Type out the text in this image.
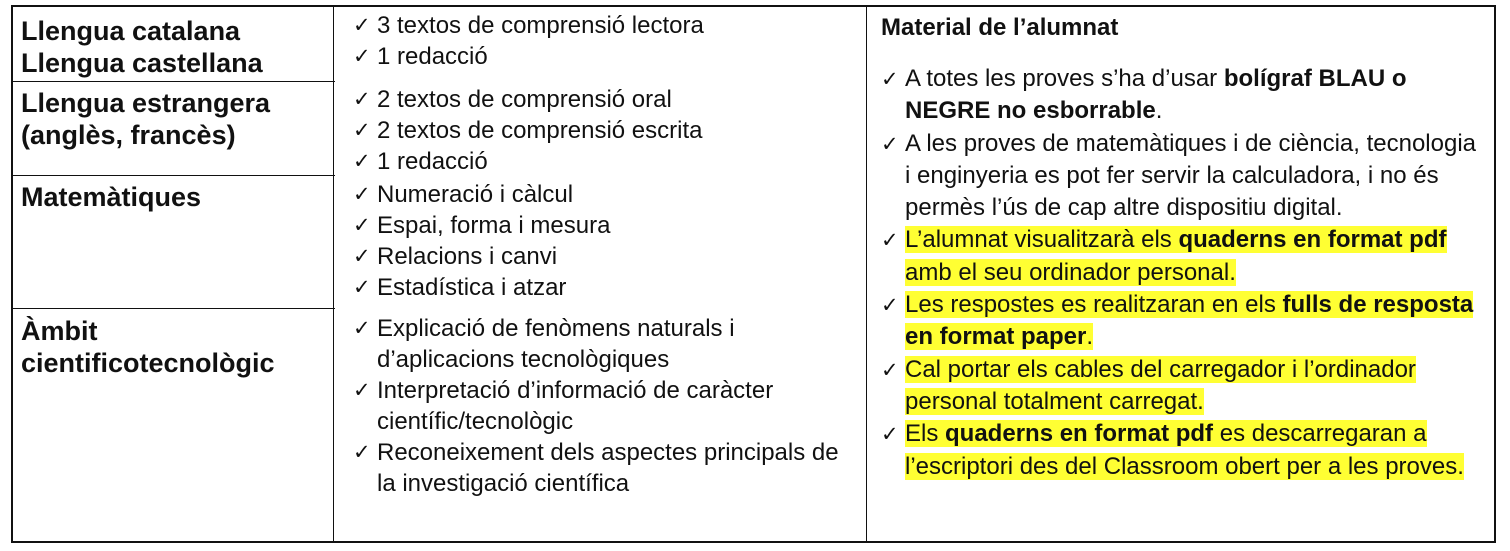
Llengua catalana
Llengua castellana
✓ 3 textos de comprensió lectora
✓ 1 redacció
Llengua estrangera
(anglès, francès)
✓ 2 textos de comprensió oral
✓ 2 textos de comprensió escrita
✓ 1 redacció
Matemàtiques	✓ Numeració i càlcul
✓ Espai, forma i mesura
✓ Relacions i canvi
✓ Estadística i atzar
Àmbit
cientificotecnològic
✓ Explicació de fenòmens naturals i d’aplicacions tecnològiques
✓ Interpretació d’informació de caràcter científic/tecnològic
✓ Reconeixement dels aspectes principals de la investigació científica
Material de l’alumnat
✓ A totes les proves s’ha d’usar bolígraf BLAU o NEGRE no esborrable.
✓ A les proves de matemàtiques i de ciència, tecnologia i enginyeria es pot fer servir la calculadora, i no és permès l’ús de cap altre dispositiu digital.
✓ L’alumnat visualitzarà els quaderns en format pdf amb el seu ordinador personal.
✓ Les respostes es realitzaran en els fulls de resposta en format paper.
✓ Cal portar els cables del carregador i l’ordinador personal totalment carregat.
✓ Els quaderns en format pdf es descarregaran a l’escriptori des del Classroom obert per a les proves.
